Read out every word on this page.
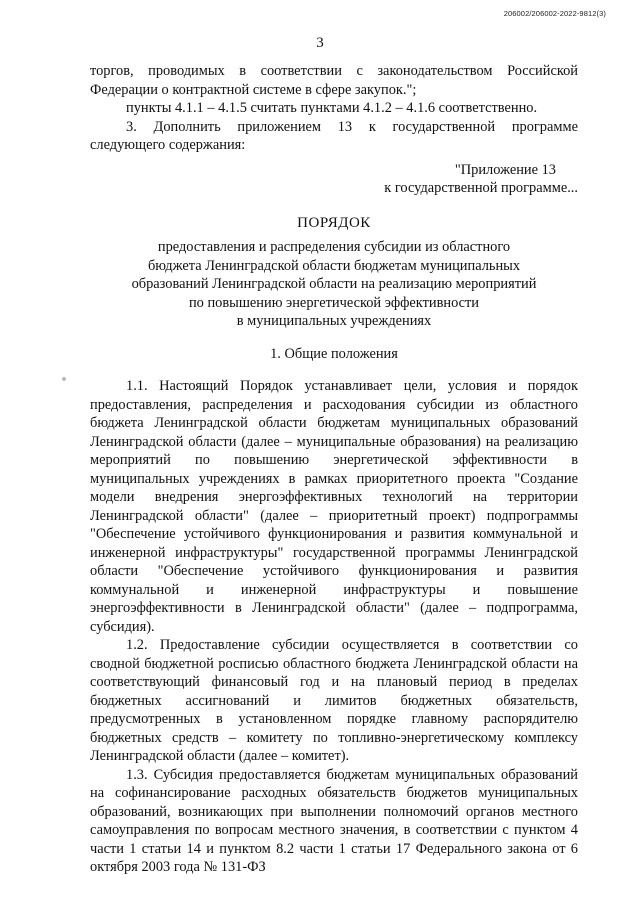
206002/206002-2022-9812(3)
3

торгов, проводимых в соответствии с законодательством Российской Федерации о контрактной системе в сфере закупок.";

пункты 4.1.1 – 4.1.5 считать пунктами 4.1.2 – 4.1.6 соответственно.

3. Дополнить приложением 13 к государственной программе следующего содержания:

"Приложение 13

к государственной программе...

ПОРЯДОК

предоставления и распределения субсидии из областного

бюджета Ленинградской области бюджетам муниципальных

образований Ленинградской области на реализацию мероприятий

по повышению энергетической эффективности

в муниципальных учреждениях

1. Общие положения

1.1. Настоящий Порядок устанавливает цели, условия и порядок предоставления, распределения и расходования субсидии из областного бюджета Ленинградской области бюджетам муниципальных образований Ленинградской области (далее – муниципальные образования) на реализацию мероприятий по повышению энергетической эффективности в муниципальных учреждениях в рамках приоритетного проекта "Создание модели внедрения энергоэффективных технологий на территории Ленинградской области" (далее – приоритетный проект) подпрограммы "Обеспечение устойчивого функционирования и развития коммунальной и инженерной инфраструктуры" государственной программы Ленинградской области "Обеспечение устойчивого функционирования и развития коммунальной и инженерной инфраструктуры и повышение энергоэффективности в Ленинградской области" (далее – подпрограмма, субсидия).

1.2. Предоставление субсидии осуществляется в соответствии со сводной бюджетной росписью областного бюджета Ленинградской области на соответствующий финансовый год и на плановый период в пределах бюджетных ассигнований и лимитов бюджетных обязательств, предусмотренных в установленном порядке главному распорядителю бюджетных средств – комитету по топливно-энергетическому комплексу Ленинградской области (далее – комитет).

1.3. Субсидия предоставляется бюджетам муниципальных образований на софинансирование расходных обязательств бюджетов муниципальных образований, возникающих при выполнении полномочий органов местного самоуправления по вопросам местного значения, в соответствии с пунктом 4 части 1 статьи 14 и пунктом 8.2 части 1 статьи 17 Федерального закона от 6 октября 2003 года № 131-ФЗ
